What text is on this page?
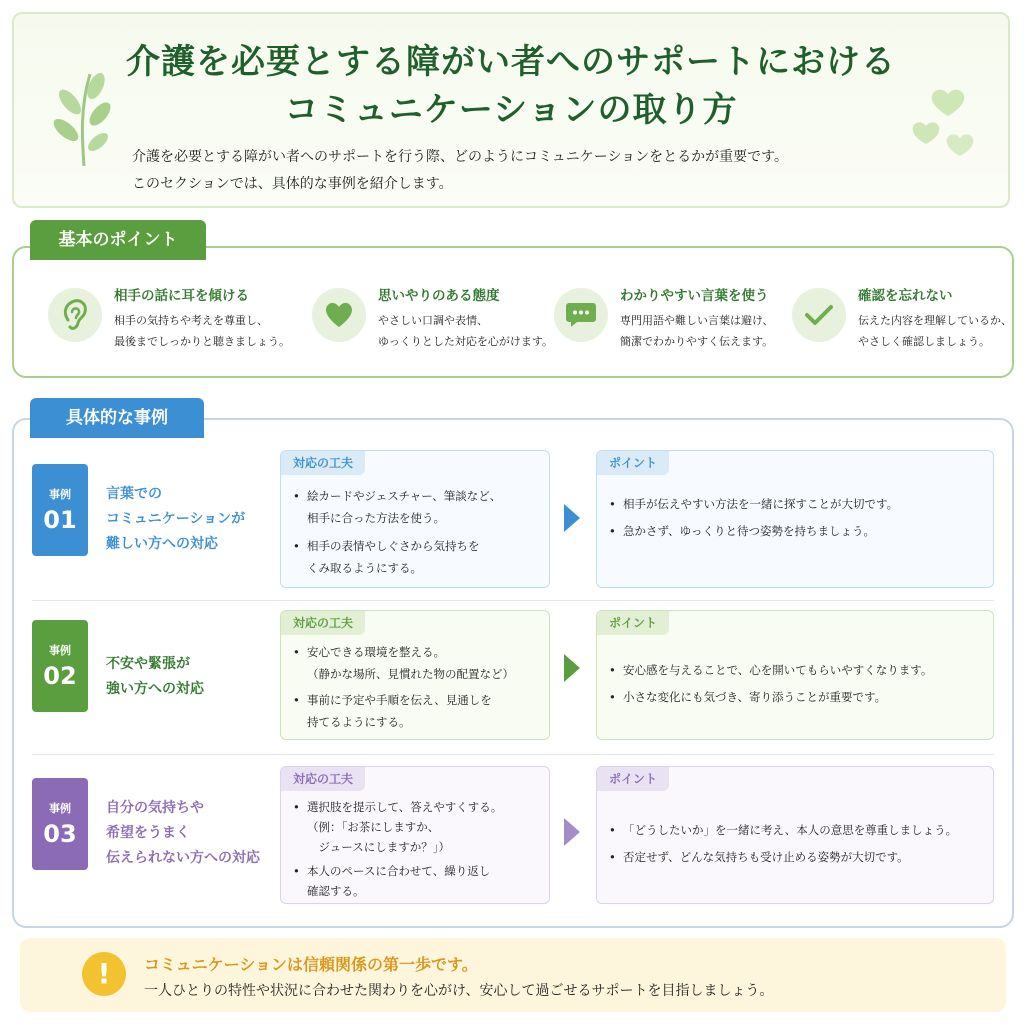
介護を必要とする障がい者へのサポートにおける
コミュニケーションの取り方
介護を必要とする障がい者へのサポートを行う際、どのようにコミュニケーションをとるかが重要です。
このセクションでは、具体的な事例を紹介します。
相手の話に耳を傾ける
相手の気持ちや考えを尊重し、
最後までしっかりと聴きましょう。
思いやりのある態度
やさしい口調や表情、
ゆっくりとした対応を心がけます。
わかりやすい言葉を使う
専門用語や難しい言葉は避け、
簡潔でわかりやすく伝えます。
確認を忘れない
伝えた内容を理解しているか、
やさしく確認しましょう。
基本のポイント
事例
01
言葉での
コミュニケーションが
難しい方への対応
対応の工夫
• 絵カードやジェスチャー、筆談など、
相手に合った方法を使う。
• 相手の表情やしぐさから気持ちを
くみ取るようにする。
ポイント
• 相手が伝えやすい方法を一緒に探すことが大切です。
• 急かさず、ゆっくりと待つ姿勢を持ちましょう。
事例
02	不安や緊張が
強い方への対応
対応の工夫
• 安心できる環境を整える。
（静かな場所、見慣れた物の配置など）
• 事前に予定や手順を伝え、見通しを
持てるようにする。
ポイント
• 安心感を与えることで、心を開いてもらいやすくなります。
• 小さな変化にも気づき、寄り添うことが重要です。
事例
03
自分の気持ちや
希望をうまく
伝えられない方への対応
対応の工夫
• 選択肢を提示して、答えやすくする。
（例：「お茶にしますか、
　ジュースにしますか？」）
• 本人のペースに合わせて、繰り返し
確認する。
ポイント
• 「どうしたいか」を一緒に考え、本人の意思を尊重しましょう。
• 否定せず、どんな気持ちも受け止める姿勢が大切です。
具体的な事例
!	コミュニケーションは信頼関係の第一歩です。
一人ひとりの特性や状況に合わせた関わりを心がけ、安心して過ごせるサポートを目指しましょう。
